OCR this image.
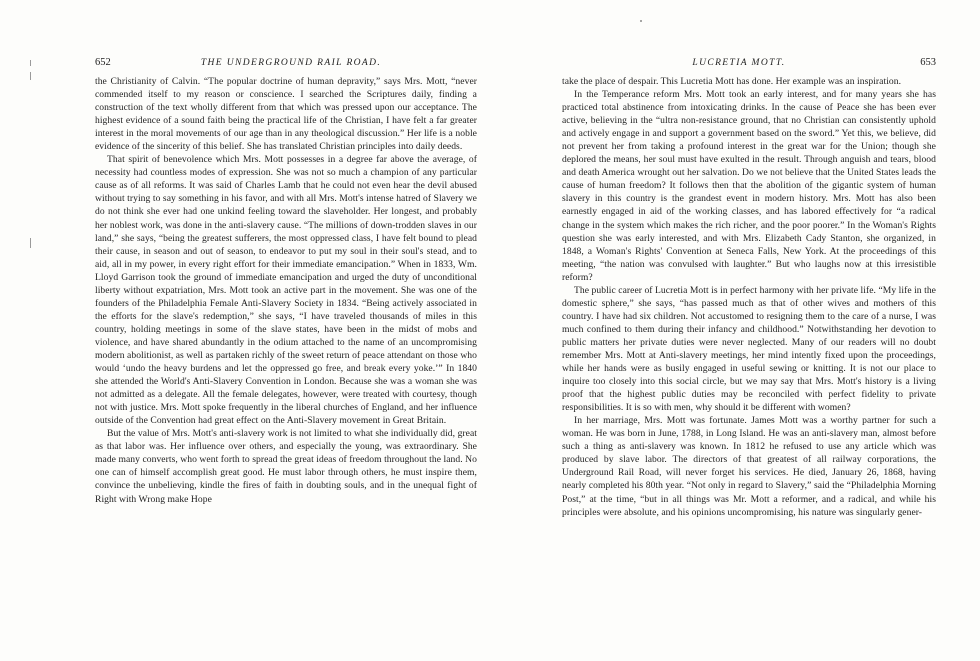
652	THE UNDERGROUND RAIL ROAD.

the Christianity of Calvin. “The popular doctrine of human depravity,” says Mrs. Mott, “never commended itself to my reason or conscience. I searched the Scriptures daily, finding a construction of the text wholly different from that which was pressed upon our acceptance. The highest evidence of a sound faith being the practical life of the Christian, I have felt a far greater interest in the moral movements of our age than in any theological discussion.” Her life is a noble evidence of the sincerity of this belief. She has translated Christian principles into daily deeds.

That spirit of benevolence which Mrs. Mott possesses in a degree far above the average, of necessity had countless modes of expression. She was not so much a champion of any particular cause as of all reforms. It was said of Charles Lamb that he could not even hear the devil abused without trying to say something in his favor, and with all Mrs. Mott's intense hatred of Slavery we do not think she ever had one unkind feeling toward the slaveholder. Her longest, and probably her noblest work, was done in the anti-slavery cause. “The millions of down-trodden slaves in our land,” she says, “being the greatest sufferers, the most oppressed class, I have felt bound to plead their cause, in season and out of season, to endeavor to put my soul in their soul's stead, and to aid, all in my power, in every right effort for their immediate emancipation.” When in 1833, Wm. Lloyd Garrison took the ground of immediate emancipation and urged the duty of unconditional liberty without expatriation, Mrs. Mott took an active part in the movement. She was one of the founders of the Philadelphia Female Anti-Slavery Society in 1834. “Being actively associated in the efforts for the slave's redemption,” she says, “I have traveled thousands of miles in this country, holding meetings in some of the slave states, have been in the midst of mobs and violence, and have shared abundantly in the odium attached to the name of an uncompromising modern abolitionist, as well as partaken richly of the sweet return of peace attendant on those who would ‘undo the heavy burdens and let the oppressed go free, and break every yoke.’” In 1840 she attended the World's Anti-Slavery Convention in London. Because she was a woman she was not admitted as a delegate. All the female delegates, however, were treated with courtesy, though not with justice. Mrs. Mott spoke frequently in the liberal churches of England, and her influence outside of the Convention had great effect on the Anti-Slavery movement in Great Britain.

But the value of Mrs. Mott's anti-slavery work is not limited to what she individually did, great as that labor was. Her influence over others, and especially the young, was extraordinary. She made many converts, who went forth to spread the great ideas of freedom throughout the land. No one can of himself accomplish great good. He must labor through others, he must inspire them, convince the unbelieving, kindle the fires of faith in doubting souls, and in the unequal fight of Right with Wrong make Hope

LUCRETIA MOTT.	653

take the place of despair. This Lucretia Mott has done. Her example was an inspiration.

In the Temperance reform Mrs. Mott took an early interest, and for many years she has practiced total abstinence from intoxicating drinks. In the cause of Peace she has been ever active, believing in the “ultra non-resistance ground, that no Christian can consistently uphold and actively engage in and support a government based on the sword.” Yet this, we believe, did not prevent her from taking a profound interest in the great war for the Union; though she deplored the means, her soul must have exulted in the result. Through anguish and tears, blood and death America wrought out her salvation. Do we not believe that the United States leads the cause of human freedom? It follows then that the abolition of the gigantic system of human slavery in this country is the grandest event in modern history. Mrs. Mott has also been earnestly engaged in aid of the working classes, and has labored effectively for “a radical change in the system which makes the rich richer, and the poor poorer.” In the Woman's Rights question she was early interested, and with Mrs. Elizabeth Cady Stanton, she organized, in 1848, a Woman's Rights' Convention at Seneca Falls, New York. At the proceedings of this meeting, “the nation was convulsed with laughter.” But who laughs now at this irresistible reform?

The public career of Lucretia Mott is in perfect harmony with her private life. “My life in the domestic sphere,” she says, “has passed much as that of other wives and mothers of this country. I have had six children. Not accustomed to resigning them to the care of a nurse, I was much confined to them during their infancy and childhood.” Notwithstanding her devotion to public matters her private duties were never neglected. Many of our readers will no doubt remember Mrs. Mott at Anti-slavery meetings, her mind intently fixed upon the proceedings, while her hands were as busily engaged in useful sewing or knitting. It is not our place to inquire too closely into this social circle, but we may say that Mrs. Mott's history is a living proof that the highest public duties may be reconciled with perfect fidelity to private responsibilities. It is so with men, why should it be different with women?

In her marriage, Mrs. Mott was fortunate. James Mott was a worthy partner for such a woman. He was born in June, 1788, in Long Island. He was an anti-slavery man, almost before such a thing as anti-slavery was known. In 1812 he refused to use any article which was produced by slave labor. The directors of that greatest of all railway corporations, the Underground Rail Road, will never forget his services. He died, January 26, 1868, having nearly completed his 80th year. “Not only in regard to Slavery,” said the “Philadelphia Morning Post,” at the time, “but in all things was Mr. Mott a reformer, and a radical, and while his principles were absolute, and his opinions uncompromising, his nature was singularly gener-
